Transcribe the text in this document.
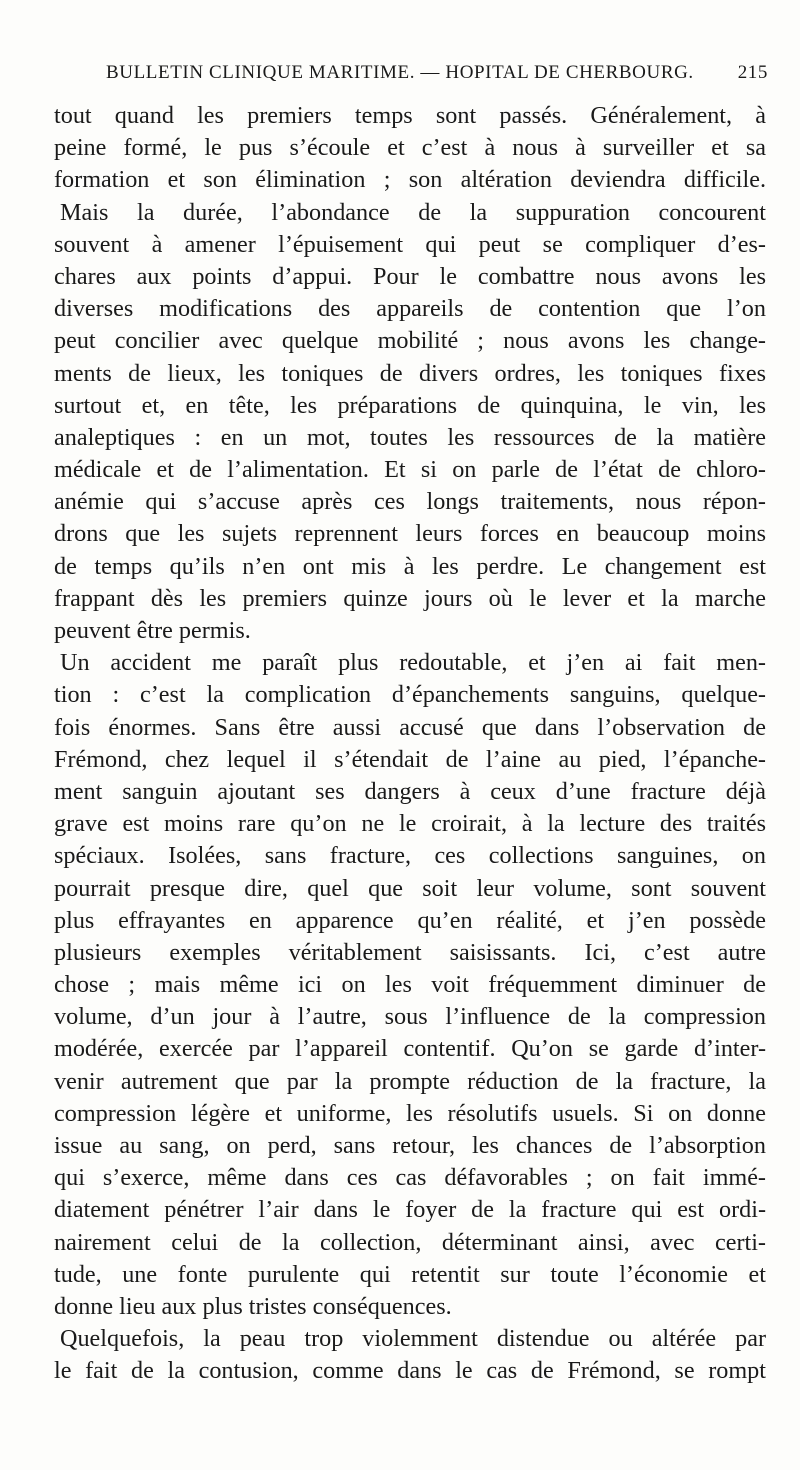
BULLETIN CLINIQUE MARITIME. — HOPITAL DE CHERBOURG. 215
tout quand les premiers temps sont passés. Généralement, à
peine formé, le pus s’écoule et c’est à nous à surveiller et sa
formation et son élimination ; son altération deviendra difficile.
Mais la durée, l’abondance de la suppuration concourent
souvent à amener l’épuisement qui peut se compliquer d’es-
chares aux points d’appui. Pour le combattre nous avons les
diverses modifications des appareils de contention que l’on
peut concilier avec quelque mobilité ; nous avons les change-
ments de lieux, les toniques de divers ordres, les toniques fixes
surtout et, en tête, les préparations de quinquina, le vin, les
analeptiques : en un mot, toutes les ressources de la matière
médicale et de l’alimentation. Et si on parle de l’état de chloro-
anémie qui s’accuse après ces longs traitements, nous répon-
drons que les sujets reprennent leurs forces en beaucoup moins
de temps qu’ils n’en ont mis à les perdre. Le changement est
frappant dès les premiers quinze jours où le lever et la marche
peuvent être permis.
Un accident me paraît plus redoutable, et j’en ai fait men-
tion : c’est la complication d’épanchements sanguins, quelque-
fois énormes. Sans être aussi accusé que dans l’observation de
Frémond, chez lequel il s’étendait de l’aine au pied, l’épanche-
ment sanguin ajoutant ses dangers à ceux d’une fracture déjà
grave est moins rare qu’on ne le croirait, à la lecture des traités
spéciaux. Isolées, sans fracture, ces collections sanguines, on
pourrait presque dire, quel que soit leur volume, sont souvent
plus effrayantes en apparence qu’en réalité, et j’en possède
plusieurs exemples véritablement saisissants. Ici, c’est autre
chose ; mais même ici on les voit fréquemment diminuer de
volume, d’un jour à l’autre, sous l’influence de la compression
modérée, exercée par l’appareil contentif. Qu’on se garde d’inter-
venir autrement que par la prompte réduction de la fracture, la
compression légère et uniforme, les résolutifs usuels. Si on donne
issue au sang, on perd, sans retour, les chances de l’absorption
qui s’exerce, même dans ces cas défavorables ; on fait immé-
diatement pénétrer l’air dans le foyer de la fracture qui est ordi-
nairement celui de la collection, déterminant ainsi, avec certi-
tude, une fonte purulente qui retentit sur toute l’économie et
donne lieu aux plus tristes conséquences.
Quelquefois, la peau trop violemment distendue ou altérée par
le fait de la contusion, comme dans le cas de Frémond, se rompt
